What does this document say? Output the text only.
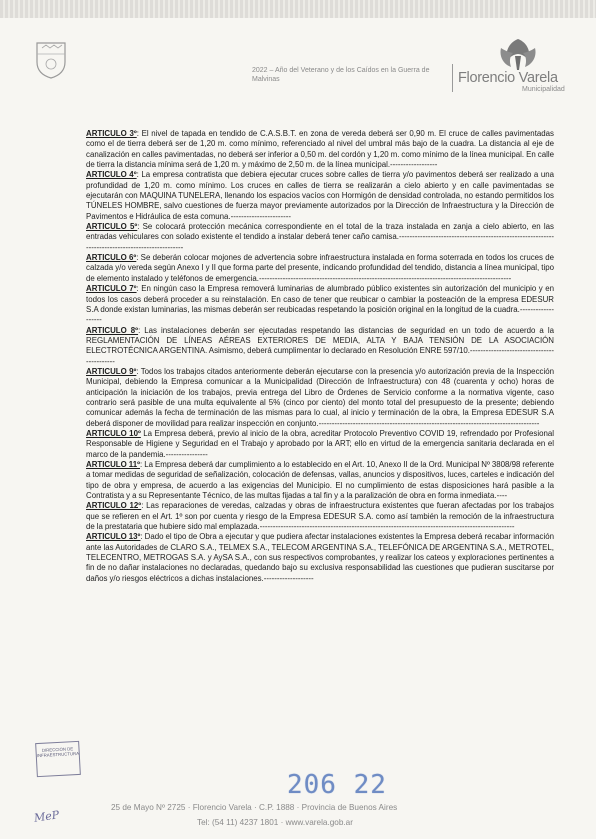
2022 – Año del Veterano y de los Caídos en la Guerra de Malvinas	Florencio Varela
Municipalidad

ARTICULO 3º: El nivel de tapada en tendido de C.A.S.B.T. en zona de vereda deberá ser 0,90 m. El cruce de calles pavimentadas como el de tierra deberá ser de 1,20 m. como mínimo, referenciado al nivel del umbral más bajo de la cuadra. La distancia al eje de canalización en calles pavimentadas, no deberá ser inferior a 0,50 m. del cordón y 1,20 m. como mínimo de la línea municipal. En calle de tierra la distancia mínima será de 1,20 m. y máximo de 2,50 m. de la línea municipal.------------------

ARTICULO 4º: La empresa contratista que debiera ejecutar cruces sobre calles de tierra y/o pavimentos deberá ser realizado a una profundidad de 1,20 m. como mínimo. Los cruces en calles de tierra se realizarán a cielo abierto y en calle pavimentadas se ejecutarán con MAQUINA TUNELERA, llenando los espacios vacíos con Hormigón de densidad controlada, no estando permitidos los TÚNELES HOMBRE, salvo cuestiones de fuerza mayor previamente autorizados por la Dirección de Infraestructura y la Dirección de Pavimentos e Hidráulica de esta comuna.-----------------------

ARTICULO 5º: Se colocará protección mecánica correspondiente en el total de la traza instalada en zanja a cielo abierto, en las entradas vehiculares con solado existente el tendido a instalar deberá tener caño camisa.------------------------------------------------------------------------------------------------

ARTICULO 6º: Se deberán colocar mojones de advertencia sobre infraestructura instalada en forma soterrada en todos los cruces de calzada y/o vereda según Anexo I y II que forma parte del presente, indicando profundidad del tendido, distancia a línea municipal, tipo de elemento instalado y teléfonos de emergencia.------------------------------------------------------------------------------------------------

ARTICULO 7º: En ningún caso la Empresa removerá luminarias de alumbrado público existentes sin autorización del municipio y en todos los casos deberá proceder a su reinstalación. En caso de tener que reubicar o cambiar la posteación de la empresa EDESUR S.A donde existan luminarias, las mismas deberán ser reubicadas respetando la posición original en la longitud de la cuadra.-------------------

ARTICULO 8º: Las instalaciones deberán ser ejecutadas respetando las distancias de seguridad en un todo de acuerdo a la REGLAMENTACIÓN DE LÍNEAS AÉREAS EXTERIORES DE MEDIA, ALTA Y BAJA TENSIÓN DE LA ASOCIACIÓN ELECTROTÉCNICA ARGENTINA. Asimismo, deberá cumplimentar lo declarado en Resolución ENRE 597/10.-------------------------------------------

ARTICULO 9º: Todos los trabajos citados anteriormente deberán ejecutarse con la presencia y/o autorización previa de la Inspección Municipal, debiendo la Empresa comunicar a la Municipalidad (Dirección de Infraestructura) con 48 (cuarenta y ocho) horas de anticipación la iniciación de los trabajos, previa entrega del Libro de Órdenes de Servicio conforme a la normativa vigente, caso contrario será pasible de una multa equivalente al 5% (cinco por ciento) del monto total del presupuesto de la presente; debiendo comunicar además la fecha de terminación de las mismas para lo cual, al inicio y terminación de la obra, la Empresa EDESUR S.A deberá disponer de movilidad para realizar inspección en conjunto.------------------------------------------------------------------------------------

ARTICULO 10º La Empresa deberá, previo al inicio de la obra, acreditar Protocolo Preventivo COVID 19, refrendado por Profesional Responsable de Higiene y Seguridad en el Trabajo y aprobado por la ART; ello en virtud de la emergencia sanitaria declarada en el marco de la pandemia.----------------

ARTICULO 11º: La Empresa deberá dar cumplimiento a lo establecido en el Art. 10, Anexo II de la Ord. Municipal Nº 3808/98 referente a tomar medidas de seguridad de señalización, colocación de defensas, vallas, anuncios y dispositivos, luces, carteles e indicación del tipo de obra y empresa, de acuerdo a las exigencias del Municipio. El no cumplimiento de estas disposiciones hará pasible a la Contratista y a su Representante Técnico, de las multas fijadas a tal fin y a la paralización de obra en forma inmediata.----

ARTICULO 12º: Las reparaciones de veredas, calzadas y obras de infraestructura existentes que fueran afectadas por los trabajos que se refieren en el Art. 1º son por cuenta y riesgo de la Empresa EDESUR S.A. como así también la remoción de la infraestructura de la prestataria que hubiere sido mal emplazada.-------------------------------------------------------------------------------------------------

ARTICULO 13º: Dado el tipo de Obra a ejecutar y que pudiera afectar instalaciones existentes la Empresa deberá recabar información ante las Autoridades de CLARO S.A., TELMEX S.A., TELECOM ARGENTINA S.A., TELEFÓNICA DE ARGENTINA S.A., METROTEL, TELECENTRO, METROGAS S.A. y AySA S.A., con sus respectivos comprobantes, y realizar los cateos y exploraciones pertinentes a fin de no dañar instalaciones no declaradas, quedando bajo su exclusiva responsabilidad las cuestiones que pudieran suscitarse por daños y/o riesgos eléctricos a dichas instalaciones.-------------------

DIRECCION DE INFRAESTRUCTURA
MeP
206 22
25 de Mayo Nº 2725 · Florencio Varela · C.P. 1888 · Provincia de Buenos Aires
Tel: (54 11) 4237 1801 · www.varela.gob.ar
